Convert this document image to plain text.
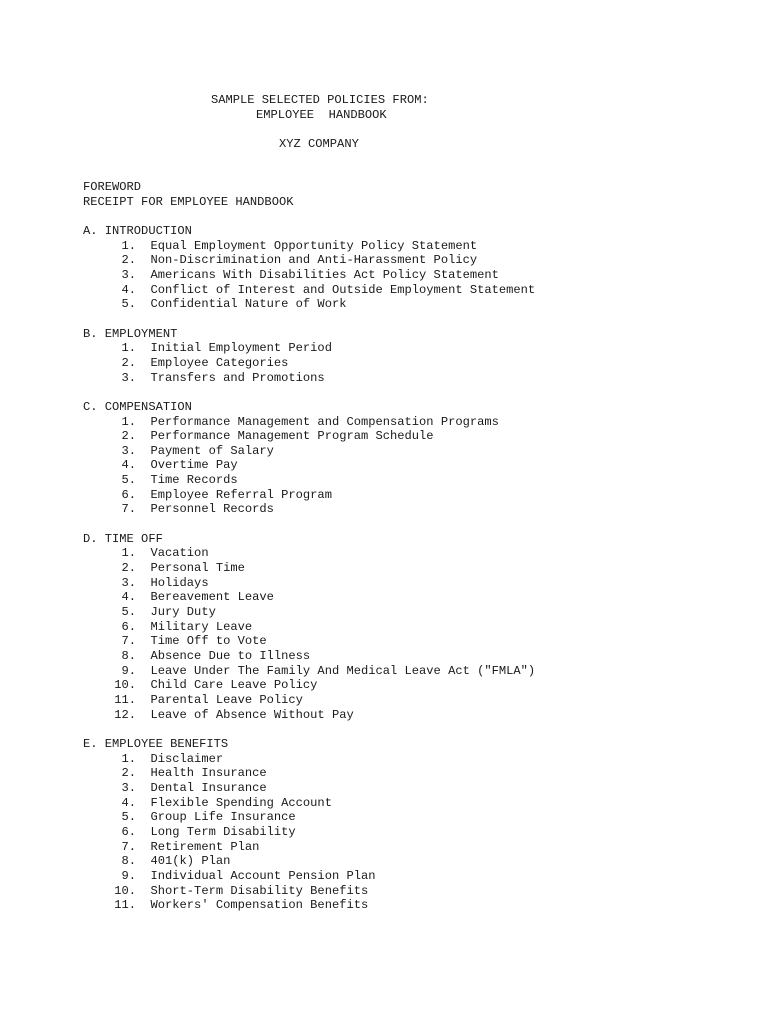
SAMPLE SELECTED POLICIES FROM:
EMPLOYEE  HANDBOOK
XYZ COMPANY
FOREWORD
RECEIPT FOR EMPLOYEE HANDBOOK
A. INTRODUCTION
1.
Equal Employment Opportunity Policy Statement
2.
Non-Discrimination and Anti-Harassment Policy
3.
Americans With Disabilities Act Policy Statement
4.
Conflict of Interest and Outside Employment Statement
5.
Confidential Nature of Work
B. EMPLOYMENT
1.
Initial Employment Period
2.
Employee Categories
3.
Transfers and Promotions
C. COMPENSATION
1.
Performance Management and Compensation Programs
2.
Performance Management Program Schedule
3.
Payment of Salary
4.
Overtime Pay
5.
Time Records
6.
Employee Referral Program
7.
Personnel Records
D. TIME OFF
1.
Vacation
2.
Personal Time
3.
Holidays
4.
Bereavement Leave
5.
Jury Duty
6.
Military Leave
7.
Time Off to Vote
8.
Absence Due to Illness
9.
Leave Under The Family And Medical Leave Act ("FMLA")
10.
Child Care Leave Policy
11.
Parental Leave Policy
12.
Leave of Absence Without Pay
E. EMPLOYEE BENEFITS
1.
Disclaimer
2.
Health Insurance
3.
Dental Insurance
4.
Flexible Spending Account
5.
Group Life Insurance
6.
Long Term Disability
7.
Retirement Plan
8.
401(k) Plan
9.
Individual Account Pension Plan
10.
Short-Term Disability Benefits
11.
Workers' Compensation Benefits
